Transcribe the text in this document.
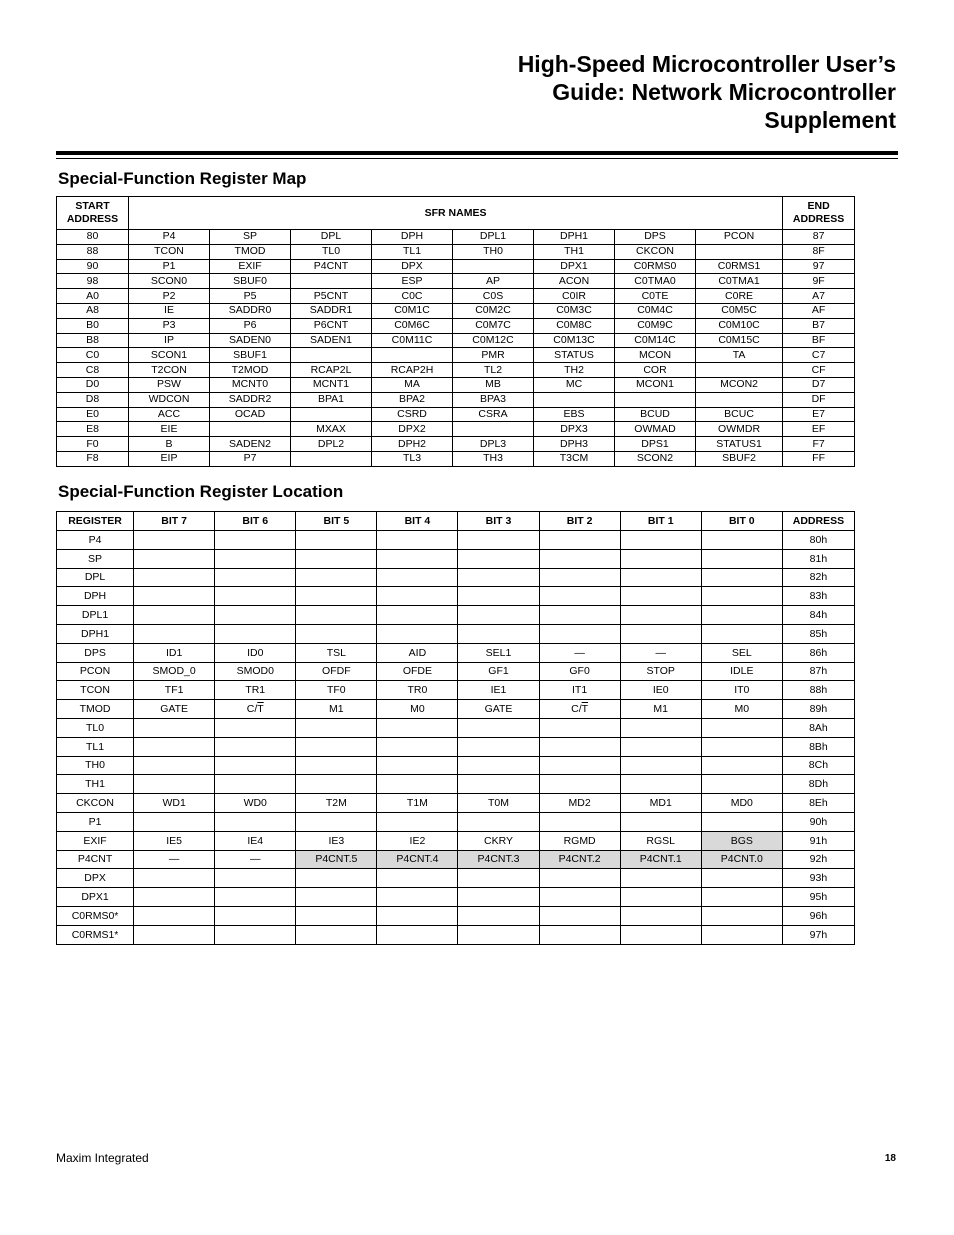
High-Speed Microcontroller User’s
Guide: Network Microcontroller
Supplement
Special-Function Register Map
START
ADDRESS	SFR NAMES								END
ADDRESS
80	P4	SP	DPL	DPH	DPL1	DPH1	DPS	PCON	87
88	TCON	TMOD	TL0	TL1	TH0	TH1	CKCON		8F
90	P1	EXIF	P4CNT	DPX		DPX1	C0RMS0	C0RMS1	97
98	SCON0	SBUF0		ESP	AP	ACON	C0TMA0	C0TMA1	9F
A0	P2	P5	P5CNT	C0C	C0S	C0IR	C0TE	C0RE	A7
A8	IE	SADDR0	SADDR1	C0M1C	C0M2C	C0M3C	C0M4C	C0M5C	AF
B0	P3	P6	P6CNT	C0M6C	C0M7C	C0M8C	C0M9C	C0M10C	B7
B8	IP	SADEN0	SADEN1	C0M11C	C0M12C	C0M13C	C0M14C	C0M15C	BF
C0	SCON1	SBUF1			PMR	STATUS	MCON	TA	C7
C8	T2CON	T2MOD	RCAP2L	RCAP2H	TL2	TH2	COR		CF
D0	PSW	MCNT0	MCNT1	MA	MB	MC	MCON1	MCON2	D7
D8	WDCON	SADDR2	BPA1	BPA2	BPA3				DF
E0	ACC	OCAD		CSRD	CSRA	EBS	BCUD	BCUC	E7
E8	EIE		MXAX	DPX2		DPX3	OWMAD	OWMDR	EF
F0	B	SADEN2	DPL2	DPH2	DPL3	DPH3	DPS1	STATUS1	F7
F8	EIP	P7		TL3	TH3	T3CM	SCON2	SBUF2	FF
Special-Function Register Location
REGISTER	BIT 7	BIT 6	BIT 5	BIT 4	BIT 3	BIT 2	BIT 1	BIT 0	ADDRESS
P4									80h
SP									81h
DPL									82h
DPH									83h
DPL1									84h
DPH1									85h
DPS	ID1	ID0	TSL	AID	SEL1	—	—	SEL	86h
PCON	SMOD_0	SMOD0	OFDF	OFDE	GF1	GF0	STOP	IDLE	87h
TCON	TF1	TR1	TF0	TR0	IE1	IT1	IE0	IT0	88h
TMOD	GATE	$C/\overline{T}$	M1	M0	GATE	$C/\overline{T}$	M1	M0	89h
TL0									8Ah
TL1									8Bh
TH0									8Ch
TH1									8Dh
CKCON	WD1	WD0	T2M	T1M	T0M	MD2	MD1	MD0	8Eh
P1									90h
EXIF	IE5	IE4	IE3	IE2	CKRY	RGMD	RGSL	BGS	91h
P4CNT	—	—	P4CNT.5	P4CNT.4	P4CNT.3	P4CNT.2	P4CNT.1	P4CNT.0	92h
DPX									93h
DPX1									95h
C0RMS0*									96h
C0RMS1*									97h
Maxim Integrated	18
